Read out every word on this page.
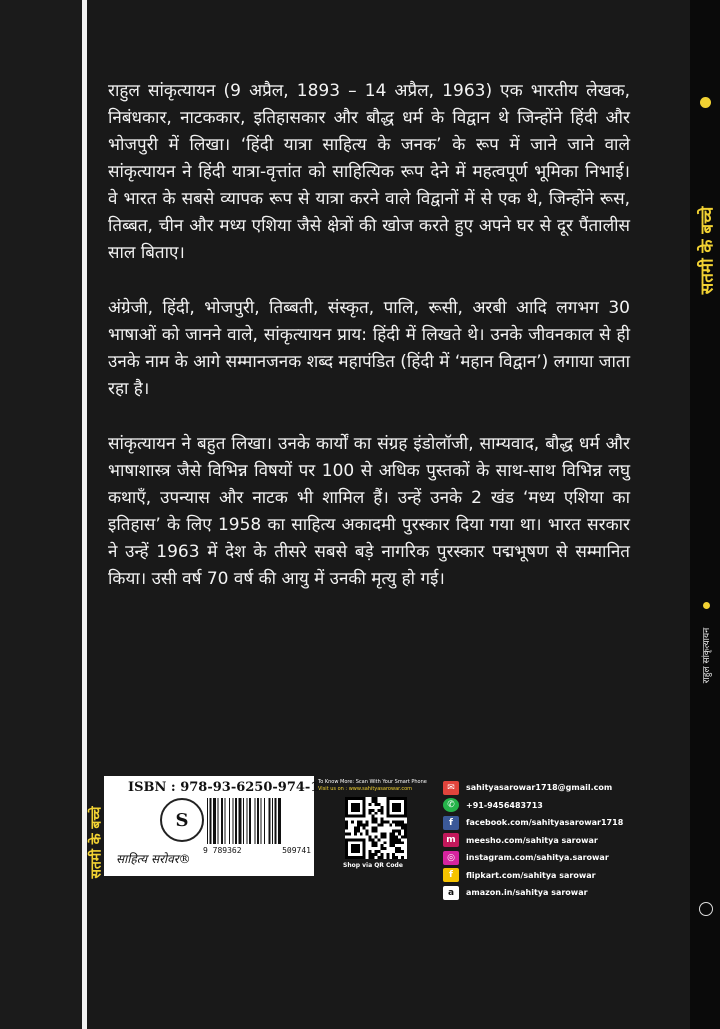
राहुल सांकृत्यायन (9 अप्रैल, 1893 – 14 अप्रैल, 1963) एक भारतीय लेखक, निबंधकार, नाटककार, इतिहासकार और बौद्ध धर्म के विद्वान थे जिन्होंने हिंदी और भोजपुरी में लिखा। ‘हिंदी यात्रा साहित्य के जनक’ के रूप में जाने जाने वाले सांकृत्यायन ने हिंदी यात्रा-वृत्तांत को साहित्यिक रूप देने में महत्वपूर्ण भूमिका निभाई। वे भारत के सबसे व्यापक रूप से यात्रा करने वाले विद्वानों में से एक थे, जिन्होंने रूस, तिब्बत, चीन और मध्य एशिया जैसे क्षेत्रों की खोज करते हुए अपने घर से दूर पैंतालीस साल बिताए।

अंग्रेजी, हिंदी, भोजपुरी, तिब्बती, संस्कृत, पालि, रूसी, अरबी आदि लगभग 30 भाषाओं को जानने वाले, सांकृत्यायन प्राय: हिंदी में लिखते थे। उनके जीवनकाल से ही उनके नाम के आगे सम्मानजनक शब्द महापंडित (हिंदी में ‘महान विद्वान’) लगाया जाता रहा है।

सांकृत्यायन ने बहुत लिखा। उनके कार्यों का संग्रह इंडोलॉजी, साम्यवाद, बौद्ध धर्म और भाषाशास्त्र जैसे विभिन्न विषयों पर 100 से अधिक पुस्तकों के साथ-साथ विभिन्न लघु कथाएँ, उपन्यास और नाटक भी शामिल हैं। उन्हें उनके 2 खंड ‘मध्य एशिया का इतिहास’ के लिए 1958 का साहित्य अकादमी पुरस्कार दिया गया था। भारत सरकार ने उन्हें 1963 में देश के तीसरे सबसे बड़े नागरिक पुरस्कार पद्मभूषण से सम्मानित किया। उसी वर्ष 70 वर्ष की आयु में उनकी मृत्यु हो गई।

सतमी के बच्चे
ISBN : 978-93-6250-974-1
S
साहित्य सरोवर®
9 789362	509741
To Know More: Scan With Your Smart Phone
Visit us on : www.sahityasarowar.com
Shop via QR Code
✉	sahityasarowar1718@gmail.com
✆	+91-9456483713
f	facebook.com/sahityasarowar1718
m	meesho.com/sahitya sarowar
◎	instagram.com/sahitya.sarowar
f	flipkart.com/sahitya sarowar
a	amazon.in/sahitya sarowar
सतमी के बच्चे
राहुल सांकृत्यायन
